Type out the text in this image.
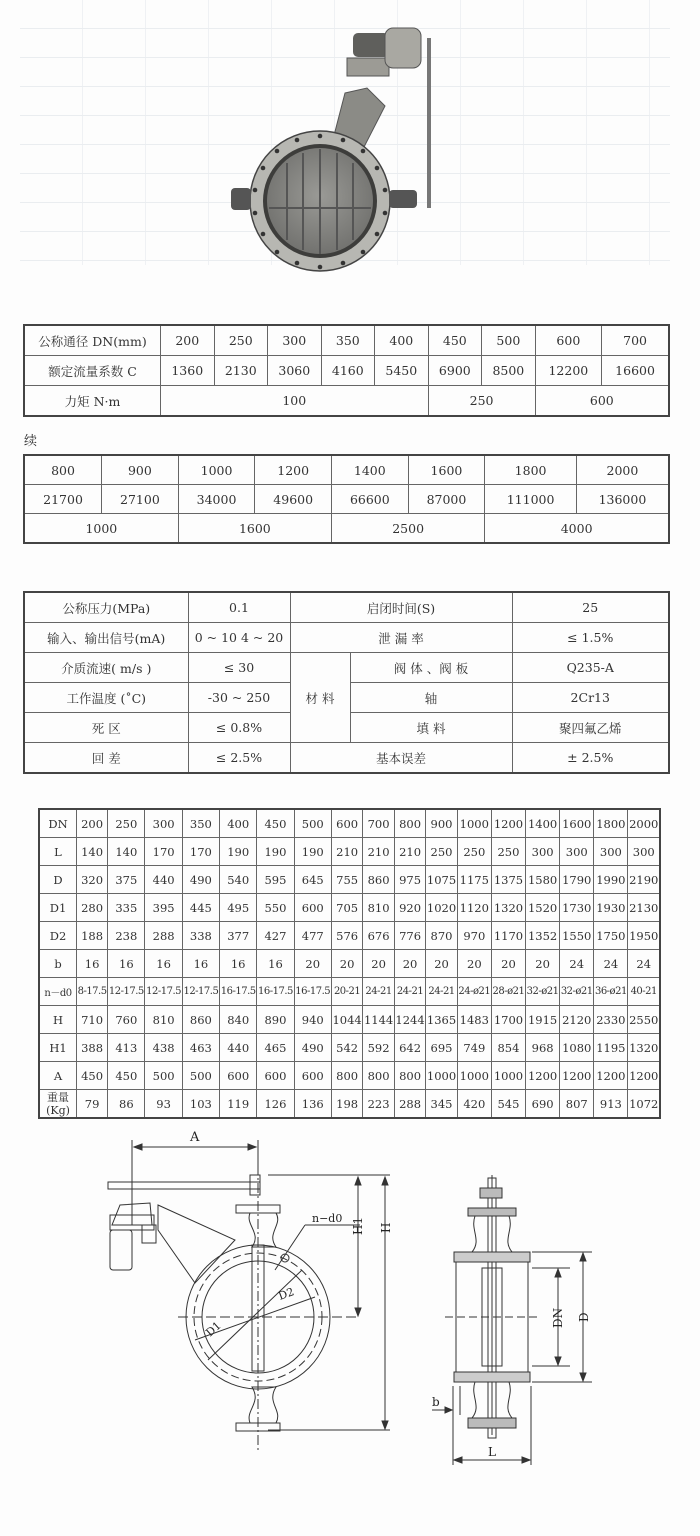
公称通径 DN(mm)	200	250	300	350	400	450	500	600	700
额定流量系数 C	1360	2130	3060	4160	5450	6900	8500	12200	16600
力矩 N·m	100					250		600	
续
800	900	1000	1200	1400	1600	1800	2000
21700	27100	34000	49600	66600	87000	111000	136000
1000		1600		2500		4000	
公称压力(MPa)	0.1	启闭时间(S)		25
输入、输出信号(mA)	0 ~ 10 4 ~ 20	泄 漏 率		≤ 1.5%
介质流速( m/s )	≤ 30	材 料	阀 体 、阀 板	Q235-A
工作温度 (˚C)	-30 ~ 250		轴	2Cr13
死 区	≤ 0.8%		填 料	聚四氟乙烯
回 差	≤ 2.5%	基本误差		± 2.5%
DN	200	250	300	350	400	450	500	600	700	800	900	1000	1200	1400	1600	1800	2000
L	140	140	170	170	190	190	190	210	210	210	250	250	250	300	300	300	300
D	320	375	440	490	540	595	645	755	860	975	1075	1175	1375	1580	1790	1990	2190
D1	280	335	395	445	495	550	600	705	810	920	1020	1120	1320	1520	1730	1930	2130
D2	188	238	288	338	377	427	477	576	676	776	870	970	1170	1352	1550	1750	1950
b	16	16	16	16	16	16	20	20	20	20	20	20	20	20	24	24	24
n－d0	8-17.5	12-17.5	12-17.5	12-17.5	16-17.5	16-17.5	16-17.5	20-21	24-21	24-21	24-21	24-ø21	28-ø21	32-ø21	32-ø21	36-ø21	40-21
H	710	760	810	860	840	890	940	1044	1144	1244	1365	1483	1700	1915	2120	2330	2550
H1	388	413	438	463	440	465	490	542	592	642	695	749	854	968	1080	1195	1320
A	450	450	500	500	600	600	600	800	800	800	1000	1000	1000	1200	1200	1200	1200

重量(Kg)	79	86	93	103	119	126	136	198	223	288	345	420	545	690	807	913	1072
A
D1
D2
n−d0 H1 H
DN D
b
L
